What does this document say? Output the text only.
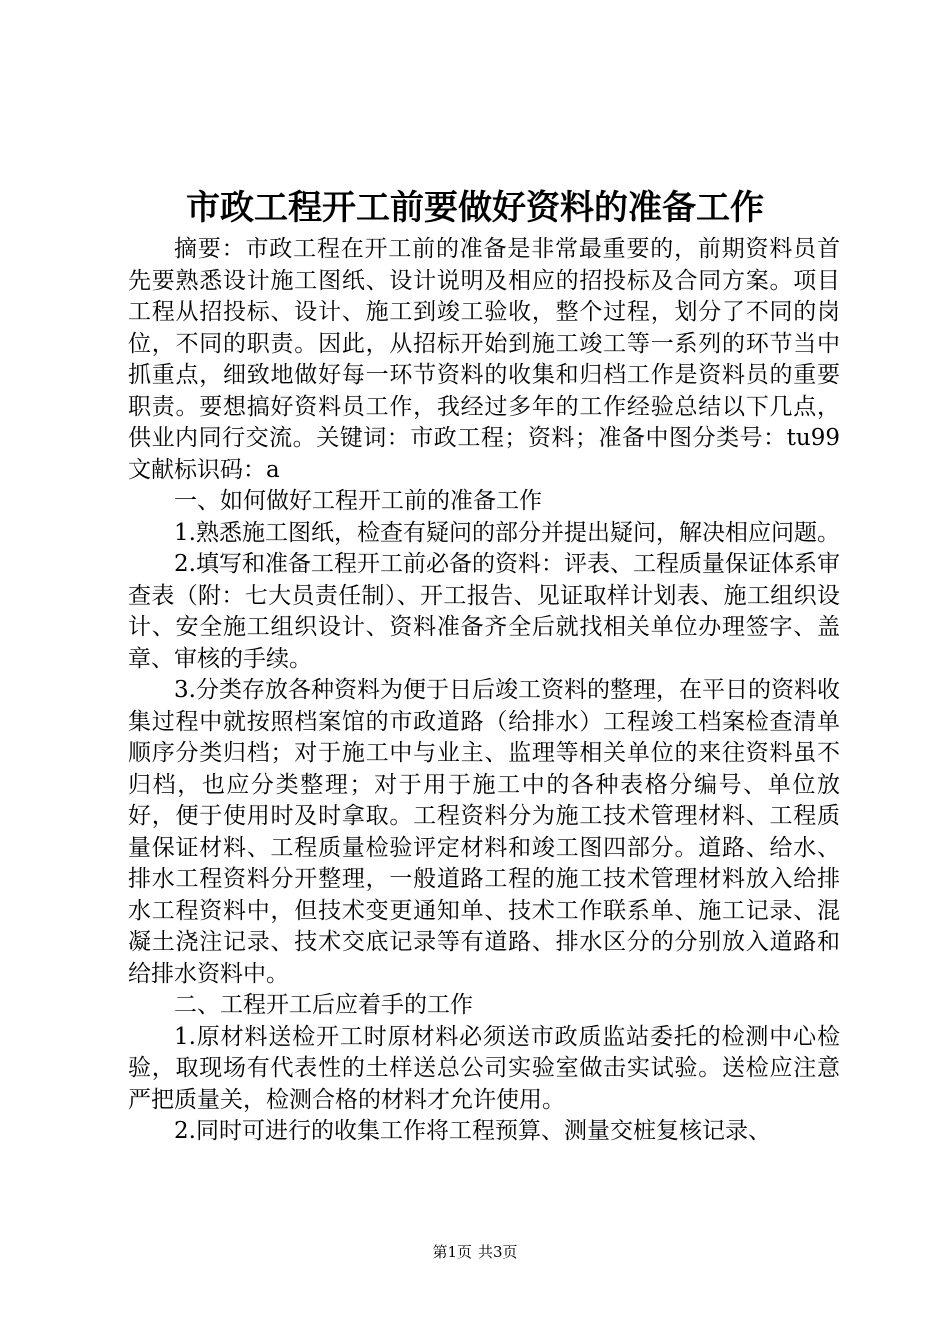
市政工程开工前要做好资料的准备工作

摘要：市政工程在开工前的准备是非常最重要的，前期资料员首先要熟悉设计施工图纸、设计说明及相应的招投标及合同方案。项目工程从招投标、设计、施工到竣工验收，整个过程，划分了不同的岗位，不同的职责。因此，从招标开始到施工竣工等一系列的环节当中抓重点，细致地做好每一环节资料的收集和归档工作是资料员的重要职责。要想搞好资料员工作，我经过多年的工作经验总结以下几点，供业内同行交流。关键词：市政工程；资料；准备中图分类号：tu99 文献标识码：a

一、如何做好工程开工前的准备工作

1.熟悉施工图纸，检查有疑问的部分并提出疑问，解决相应问题。

2.填写和准备工程开工前必备的资料：评表、工程质量保证体系审查表（附：七大员责任制）、开工报告、见证取样计划表、施工组织设计、安全施工组织设计、资料准备齐全后就找相关单位办理签字、盖章、审核的手续。

3.分类存放各种资料为便于日后竣工资料的整理，在平日的资料收集过程中就按照档案馆的市政道路（给排水）工程竣工档案检查清单顺序分类归档；对于施工中与业主、监理等相关单位的来往资料虽不归档，也应分类整理；对于用于施工中的各种表格分编号、单位放好，便于使用时及时拿取。工程资料分为施工技术管理材料、工程质量保证材料、工程质量检验评定材料和竣工图四部分。道路、给水、排水工程资料分开整理，一般道路工程的施工技术管理材料放入给排水工程资料中，但技术变更通知单、技术工作联系单、施工记录、混凝土浇注记录、技术交底记录等有道路、排水区分的分别放入道路和给排水资料中。

二、工程开工后应着手的工作

1.原材料送检开工时原材料必须送市政质监站委托的检测中心检验，取现场有代表性的土样送总公司实验室做击实试验。送检应注意严把质量关，检测合格的材料才允许使用。

2.同时可进行的收集工作将工程预算、测量交桩复核记录、

第1页 共3页
